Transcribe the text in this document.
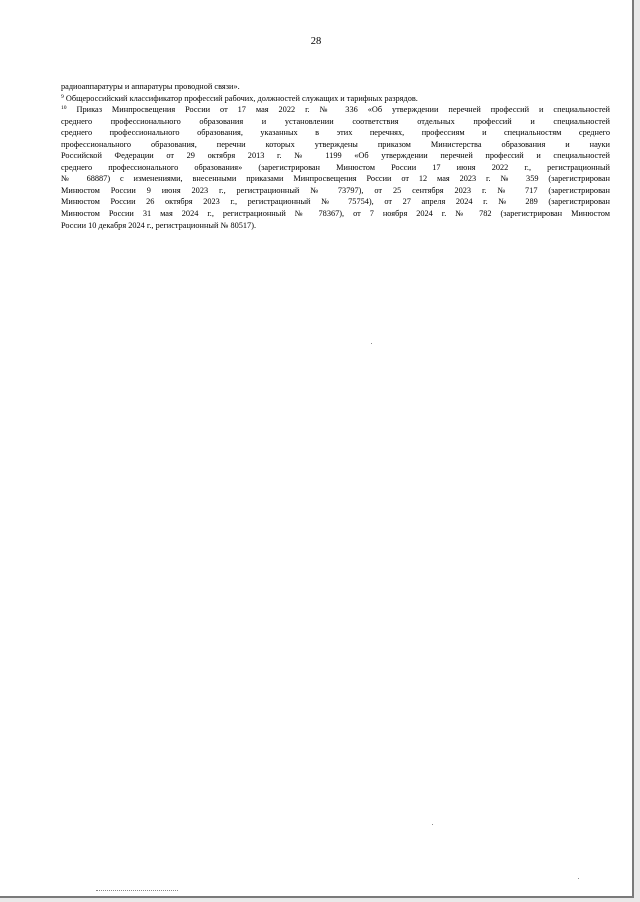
28

радиоаппаратуры и аппаратуры проводной связи».

$^9$ Общероссийский классификатор профессий рабочих, должностей служащих и тарифных разрядов.

$^{10}$ Приказ Минпросвещения России от 17 мая 2022 г. № 336 «Об утверждении перечней профессий и специальностей

среднего профессионального образования и установлении соответствия отдельных профессий и специальностей

среднего профессионального образования, указанных в этих перечнях, профессиям и специальностям среднего

профессионального образования, перечни которых утверждены приказом Министерства образования и науки

Российской Федерации от 29 октября 2013 г. № 1199 «Об утверждении перечней профессий и специальностей

среднего профессионального образования» (зарегистрирован Минюстом России 17 июня 2022 г., регистрационный

№ 68887) с изменениями, внесенными приказами Минпросвещения России от 12 мая 2023 г. № 359 (зарегистрирован

Минюстом России 9 июня 2023 г., регистрационный № 73797), от 25 сентября 2023 г. № 717 (зарегистрирован

Минюстом России 26 октября 2023 г., регистрационный № 75754), от 27 апреля 2024 г. № 289 (зарегистрирован

Минюстом России 31 мая 2024 г., регистрационный № 78367), от 7 ноября 2024 г. № 782 (зарегистрирован Минюстом

России 10 декабря 2024 г., регистрационный № 80517).
